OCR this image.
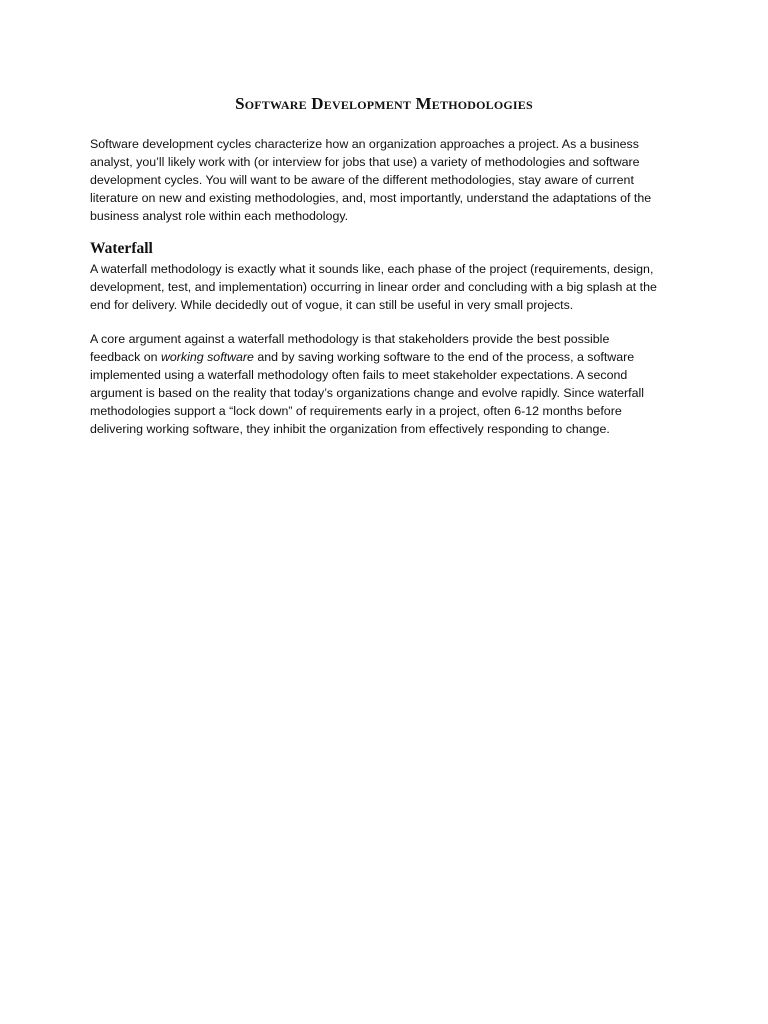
Software Development Methodologies

Software development cycles characterize how an organization approaches a project. As a business
analyst, you’ll likely work with (or interview for jobs that use) a variety of methodologies and software
development cycles. You will want to be aware of the different methodologies, stay aware of current
literature on new and existing methodologies, and, most importantly, understand the adaptations of the
business analyst role within each methodology.

Waterfall

A waterfall methodology is exactly what it sounds like, each phase of the project (requirements, design,
development, test, and implementation) occurring in linear order and concluding with a big splash at the
end for delivery. While decidedly out of vogue, it can still be useful in very small projects.

A core argument against a waterfall methodology is that stakeholders provide the best possible
feedback on working software and by saving working software to the end of the process, a software
implemented using a waterfall methodology often fails to meet stakeholder expectations. A second
argument is based on the reality that today’s organizations change and evolve rapidly. Since waterfall
methodologies support a “lock down” of requirements early in a project, often 6-12 months before
delivering working software, they inhibit the organization from effectively responding to change.
